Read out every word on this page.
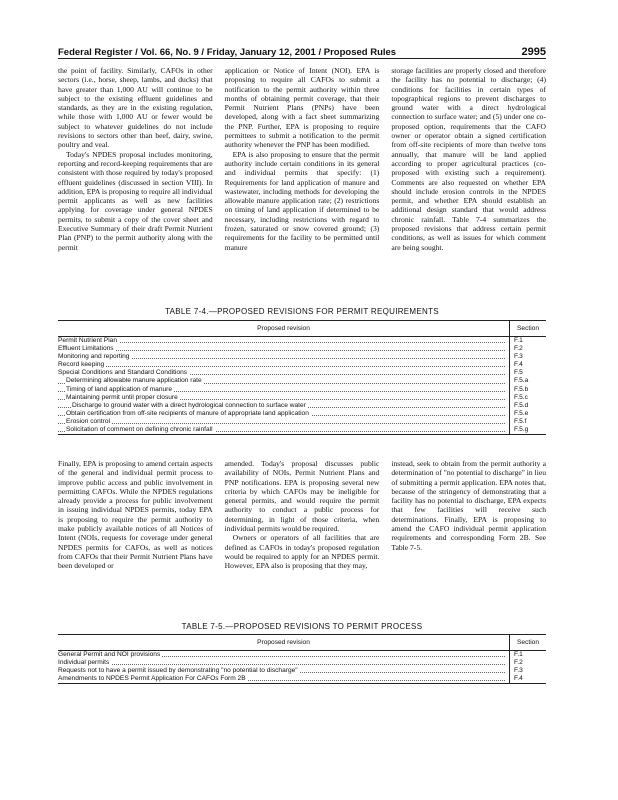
Federal Register / Vol. 66, No. 9 / Friday, January 12, 2001 / Proposed Rules	2995

the point of facility. Similarly, CAFOs in other sectors (i.e., horse, sheep, lambs, and ducks) that have greater than 1,000 AU will continue to be subject to the existing effluent guidelines and standards, as they are in the existing regulation, while those with 1,000 AU or fewer would be subject to whatever guidelines do not include revisions to sectors other than beef, dairy, swine, poultry and veal.

Today's NPDES proposal includes monitoring, reporting and record-keeping requirements that are consistent with those required by today's proposed effluent guidelines (discussed in section VIII). In addition, EPA is proposing to require all individual permit applicants as well as new facilities applying for coverage under general NPDES permits, to submit a copy of the cover sheet and Executive Summary of their draft Permit Nutrient Plan (PNP) to the permit authority along with the permit

application or Notice of Intent (NOI). EPA is proposing to require all CAFOs to submit a notification to the permit authority within three months of obtaining permit coverage, that their Permit Nutrient Plans (PNPs) have been developed, along with a fact sheet summarizing the PNP. Further, EPA is proposing to require permittees to submit a notification to the permit authority whenever the PNP has been modified.

EPA is also proposing to ensure that the permit authority include certain conditions in its general and individual permits that specify: (1) Requirements for land application of manure and wastewater, including methods for developing the allowable manure application rate; (2) restrictions on timing of land application if determined to be necessary, including restrictions with regard to frozen, saturated or snow covered ground; (3) requirements for the facility to be permitted until manure

storage facilities are properly closed and therefore the facility has no potential to discharge; (4) conditions for facilities in certain types of topographical regions to prevent discharges to ground water with a direct hydrological connection to surface water; and (5) under one co-proposed option, requirements that the CAFO owner or operator obtain a signed certification from off-site recipients of more than twelve tons annually, that manure will be land applied according to proper agricultural practices (co-proposed with existing such a requirement). Comments are also requested on whether EPA should include erosion controls in the NPDES permit, and whether EPA should establish an additional design standard that would address chronic rainfall. Table 7-4 summarizes the proposed revisions that address certain permit conditions, as well as issues for which comment are being sought.

TABLE 7-4.—PROPOSED REVISIONS FOR PERMIT REQUIREMENTS
Proposed revision	Section

Permit Nutrient Plan	F.1

Effluent Limitations	F.2

Monitoring and reporting	F.3

Record keeping	F.4

Special Conditions and Standard Conditions	F.5

Determining allowable manure application rate	F.5.a

Timing of land application of manure	F.5.b

Maintaining permit until proper closure	F.5.c

Discharge to ground water with a direct hydrological connection to surface water	F.5.d

Obtain certification from off-site recipients of manure of appropriate land application	F.5.e

Erosion control	F.5.f

Solicitation of comment on defining chronic rainfall	F.5.g

Finally, EPA is proposing to amend certain aspects of the general and individual permit process to improve public access and public involvement in permitting CAFOs. While the NPDES regulations already provide a process for public involvement in issuing individual NPDES permits, today EPA is proposing to require the permit authority to make publicly available notices of all Notices of Intent (NOIs, requests for coverage under general NPDES permits for CAFOs, as well as notices from CAFOs that their Permit Nutrient Plans have been developed or

amended. Today's proposal discusses public availability of NOIs, Permit Nutrient Plans and PNP notifications. EPA is proposing several new criteria by which CAFOs may be ineligible for general permits, and would require the permit authority to conduct a public process for determining, in light of those criteria, when individual permits would be required.

Owners or operators of all facilities that are defined as CAFOs in today's proposed regulation would be required to apply for an NPDES permit. However, EPA also is proposing that they may,

instead, seek to obtain from the permit authority a determination of "no potential to discharge" in lieu of submitting a permit application. EPA notes that, because of the stringency of demonstrating that a facility has no potential to discharge, EPA expects that few facilities will receive such determinations. Finally, EPA is proposing to amend the CAFO individual permit application requirements and corresponding Form 2B. See Table 7-5.

TABLE 7-5.—PROPOSED REVISIONS TO PERMIT PROCESS
Proposed revision	Section

General Permit and NOI provisions	F.1

Individual permits	F.2

Requests not to have a permit issued by demonstrating "no potential to discharge"	F.3

Amendments to NPDES Permit Application For CAFOs Form 2B	F.4
